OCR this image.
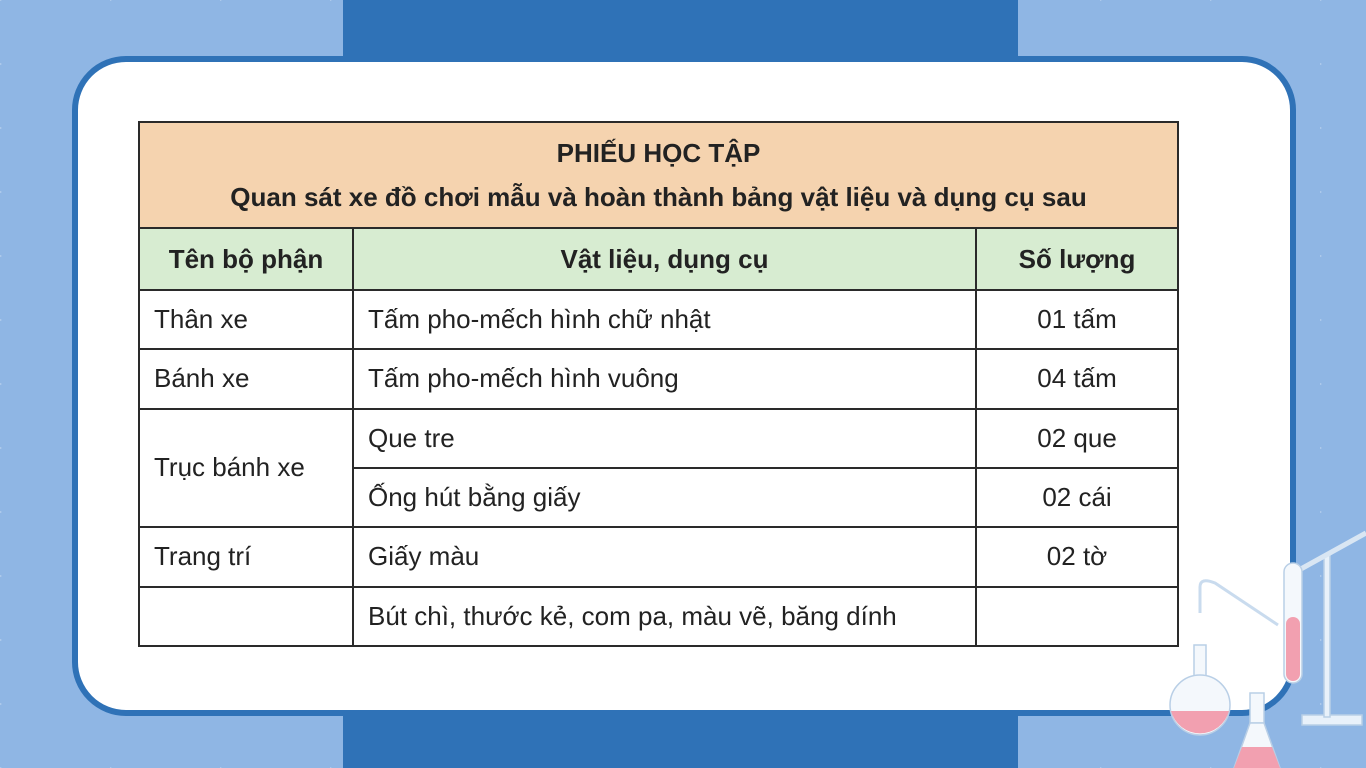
PHIẾU HỌC TẬP
Quan sát xe đồ chơi mẫu và hoàn thành bảng vật liệu và dụng cụ sau		

Tên bộ phận	Vật liệu, dụng cụ	Số lượng
Thân xe	Tấm pho-mếch hình chữ nhật	01 tấm
Bánh xe	Tấm pho-mếch hình vuông	04 tấm
Trục bánh xe	Que tre	02 que
	Ống hút bằng giấy	02 cái
Trang trí	Giấy màu	02 tờ
	Bút chì, thước kẻ, com pa, màu vẽ, băng dính	
